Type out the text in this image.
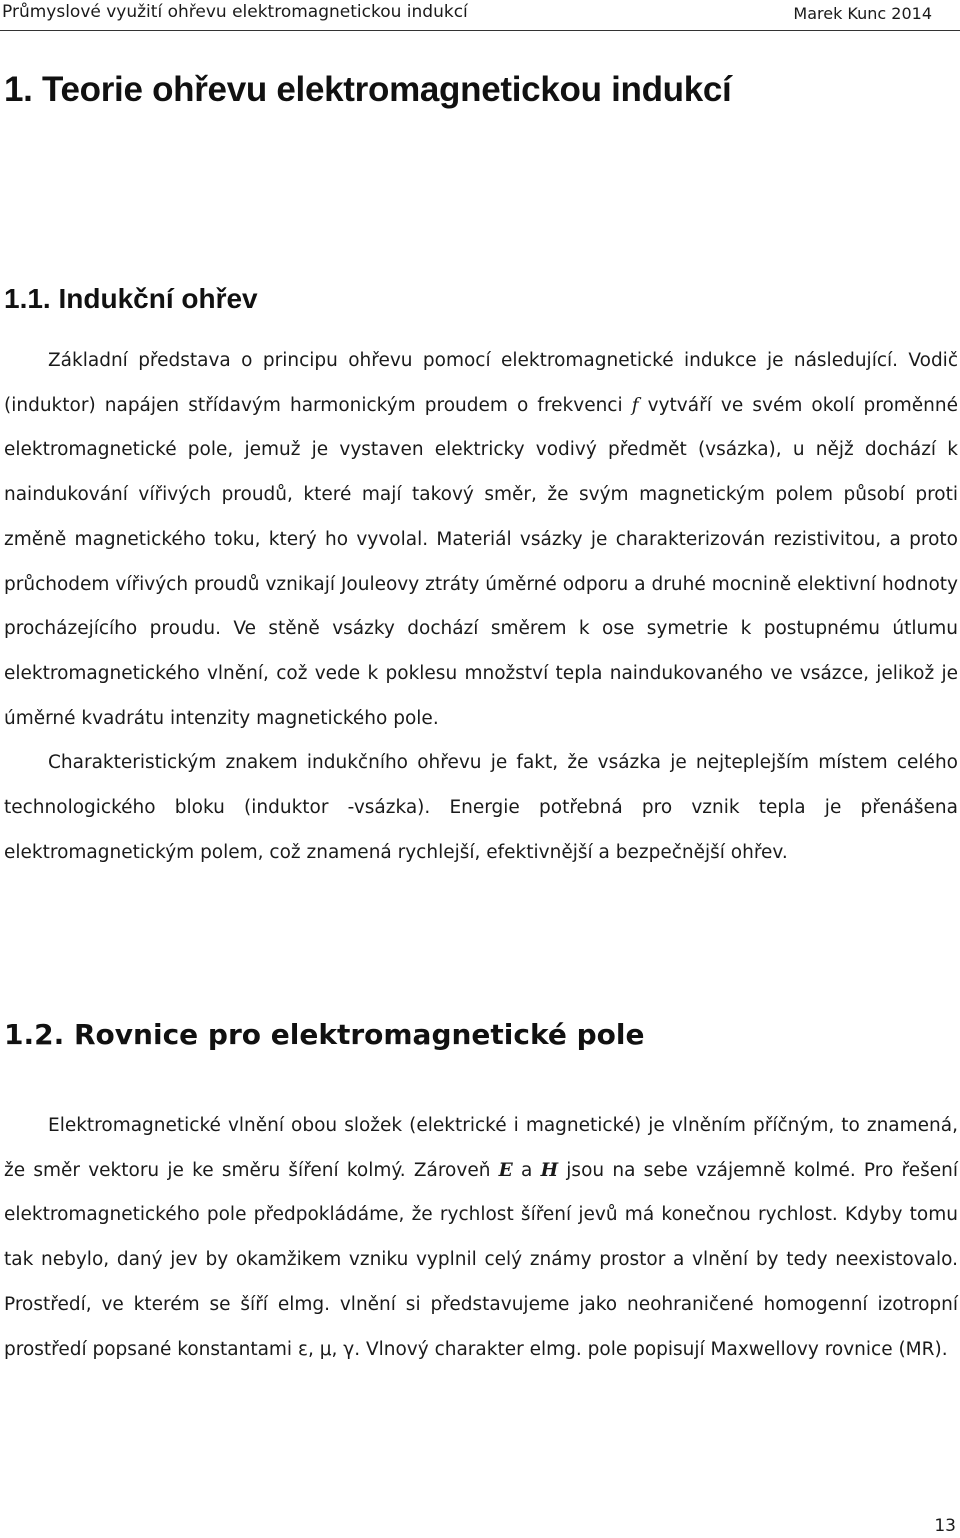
Průmyslové využití ohřevu elektromagnetickou indukcí	Marek Kunc 2014
1. Teorie ohřevu elektromagnetickou indukcí
1.1. Indukční ohřev
Základní představa o principu ohřevu pomocí elektromagnetické indukce je následující. Vodič (induktor) napájen střídavým harmonickým proudem o frekvenci f vytváří ve svém okolí proměnné elektromagnetické pole, jemuž je vystaven elektricky vodivý předmět (vsázka), u nějž dochází k naindukování vířivých proudů, které mají takový směr, že svým magnetickým polem působí proti změně magnetického toku, který ho vyvolal. Materiál vsázky je charakterizován rezistivitou, a proto průchodem vířivých proudů vznikají Jouleovy ztráty úměrné odporu a druhé mocnině elektivní hodnoty procházejícího proudu. Ve stěně vsázky dochází směrem k ose symetrie k postupnému útlumu elektromagnetického vlnění, což vede k poklesu množství tepla naindukovaného ve vsázce, jelikož je úměrné kvadrátu intenzity magnetického pole.
Charakteristickým znakem indukčního ohřevu je fakt, že vsázka je nejteplejším místem celého technologického bloku (induktor -vsázka). Energie potřebná pro vznik tepla je přenášena elektromagnetickým polem, což znamená rychlejší, efektivnější a bezpečnější ohřev.
1.2. Rovnice pro elektromagnetické pole
Elektromagnetické vlnění obou složek (elektrické i magnetické) je vlněním příčným, to znamená, že směr vektoru je ke směru šíření kolmý. Zároveň E a H jsou na sebe vzájemně kolmé. Pro řešení elektromagnetického pole předpokládáme, že rychlost šíření jevů má konečnou rychlost. Kdyby tomu tak nebylo, daný jev by okamžikem vzniku vyplnil celý známy prostor a vlnění by tedy neexistovalo. Prostředí, ve kterém se šíří elmg. vlnění si představujeme jako neohraničené homogenní izotropní prostředí popsané konstantami ε, μ, γ. Vlnový charakter elmg. pole popisují Maxwellovy rovnice (MR).
13
